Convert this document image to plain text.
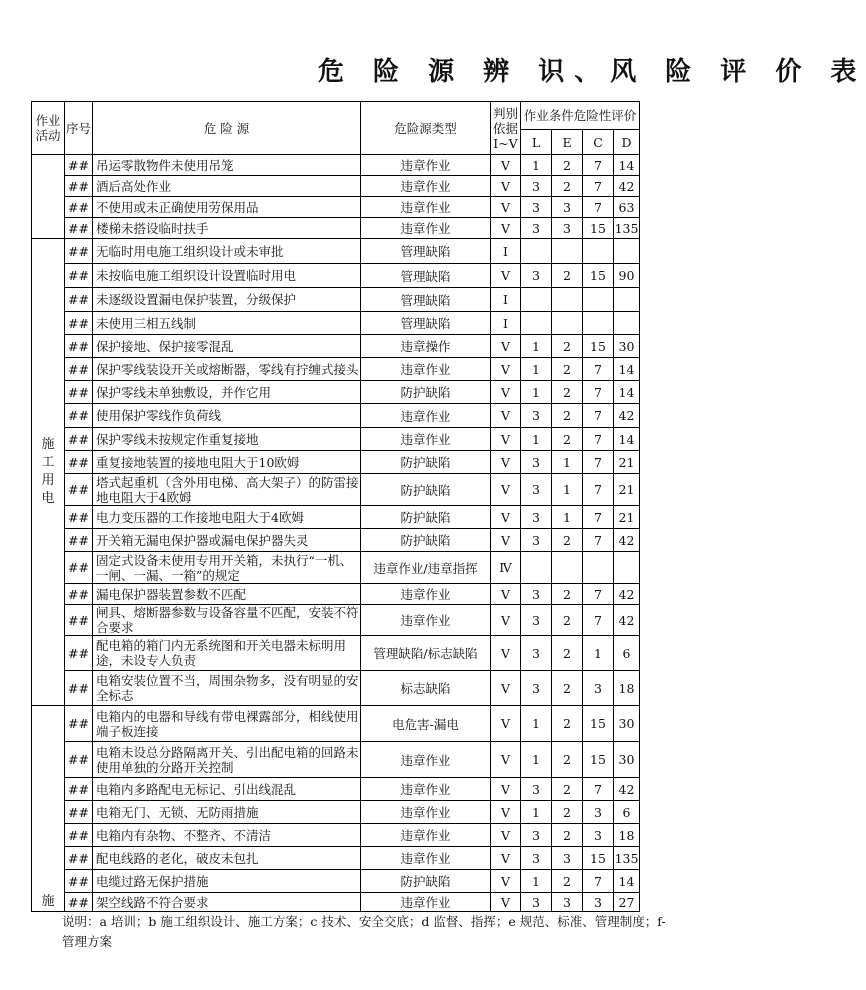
危 险 源 辨 识、风 险 评 价 表
作业活动	序号	危 险 源	危险源类型	判别依据I~V	作业条件危险性评价			
					L	E	C	D
	##	吊运零散物件未使用吊笼	违章作业	V	1	2	7	14
	##	酒后高处作业	违章作业	V	3	2	7	42
	##	不使用或未正确使用劳保用品	违章作业	V	3	3	7	63
	##	楼梯未搭设临时扶手	违章作业	V	3	3	15	135
施工用电	##	无临时用电施工组织设计或未审批	管理缺陷	Ⅰ				
	##	未按临电施工组织设计设置临时用电	管理缺陷	V	3	2	15	90
	##	未逐级设置漏电保护装置，分级保护	管理缺陷	Ⅰ				
	##	未使用三相五线制	管理缺陷	Ⅰ				
	##	保护接地、保护接零混乱	违章操作	V	1	2	15	30
	##	保护零线装设开关或熔断器，零线有拧缠式接头	违章作业	V	1	2	7	14
	##	保护零线未单独敷设，并作它用	防护缺陷	V	1	2	7	14
	##	使用保护零线作负荷线	违章作业	V	3	2	7	42
	##	保护零线未按规定作重复接地	违章作业	V	1	2	7	14
	##	重复接地装置的接地电阻大于10欧姆	防护缺陷	V	3	1	7	21
	##	塔式起重机（含外用电梯、高大架子）的防雷接地电阻大于4欧姆	防护缺陷	V	3	1	7	21
	##	电力变压器的工作接地电阻大于4欧姆	防护缺陷	V	3	1	7	21
	##	开关箱无漏电保护器或漏电保护器失灵	防护缺陷	V	3	2	7	42
	##	固定式设备未使用专用开关箱，未执行“一机、一闸、一漏、一箱”的规定	违章作业/违章指挥	Ⅳ				
	##	漏电保护器装置参数不匹配	违章作业	V	3	2	7	42
	##	闸具、熔断器参数与设备容量不匹配，安装不符合要求	违章作业	V	3	2	7	42
	##	配电箱的箱门内无系统图和开关电器未标明用途，未设专人负责	管理缺陷/标志缺陷	V	3	2	1	6
	##	电箱安装位置不当，周围杂物多，没有明显的安全标志	标志缺陷	V	3	2	3	18
施	##	电箱内的电器和导线有带电裸露部分，相线使用端子板连接	电危害-漏电	V	1	2	15	30
	##	电箱未设总分路隔离开关、引出配电箱的回路未使用单独的分路开关控制	违章作业	V	1	2	15	30
	##	电箱内多路配电无标记、引出线混乱	违章作业	V	3	2	7	42
	##	电箱无门、无锁、无防雨措施	违章作业	V	1	2	3	6
	##	电箱内有杂物、不整齐、不清洁	违章作业	V	3	2	3	18
	##	配电线路的老化，破皮未包扎	违章作业	V	3	3	15	135
	##	电缆过路无保护措施	防护缺陷	V	1	2	7	14
	##	架空线路不符合要求	违章作业	V	3	3	3	27
说明：a 培训；b 施工组织设计、施工方案；c 技术、安全交底；d 监督、指挥；e 规范、标准、管理制度；f-管理方案
